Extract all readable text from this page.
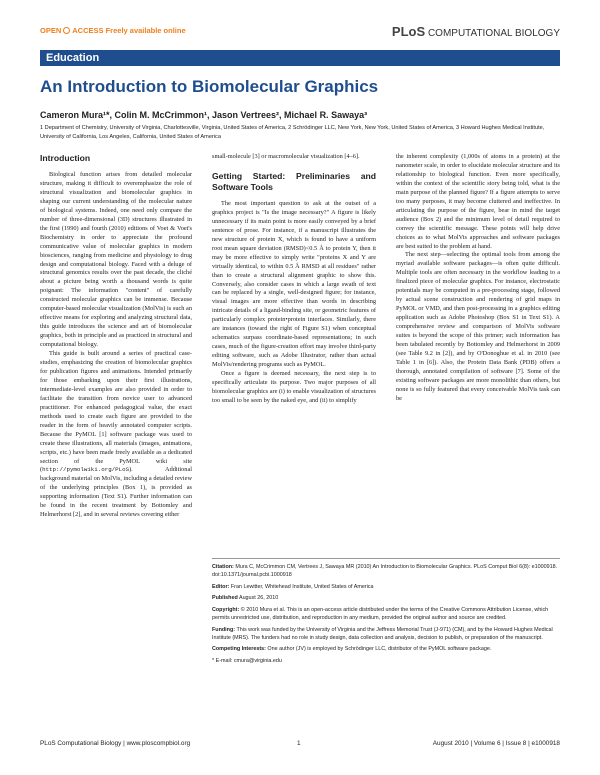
OPEN ACCESS Freely available online	PLoS COMPUTATIONAL BIOLOGY
Education
An Introduction to Biomolecular Graphics
Cameron Mura¹*, Colin M. McCrimmon¹, Jason Vertrees², Michael R. Sawaya³
1 Department of Chemistry, University of Virginia, Charlottesville, Virginia, United States of America, 2 Schrödinger LLC, New York, New York, United States of America, 3 Howard Hughes Medical Institute, University of California, Los Angeles, California, United States of America
Introduction

Biological function arises from detailed molecular structure, making it difficult to overemphasize the role of structural visualization and biomolecular graphics in shaping our current understanding of the molecular nature of biological systems. Indeed, one need only compare the number of three-dimensional (3D) structures illustrated in the first (1990) and fourth (2010) editions of Voet & Voet's Biochemistry in order to appreciate the profound communicative value of molecular graphics in modern biosciences, ranging from medicine and physiology to drug design and computational biology. Faced with a deluge of structural genomics results over the past decade, the cliché about a picture being worth a thousand words is quite poignant: The information "content" of carefully constructed molecular graphics can be immense. Because computer-based molecular visualization (MolVis) is such an effective means for exploring and analyzing structural data, this guide introduces the science and art of biomolecular graphics, both in principle and as practiced in structural and computational biology.

This guide is built around a series of practical case-studies, emphasizing the creation of biomolecular graphics for publication figures and animations. Intended primarily for those embarking upon their first illustrations, intermediate-level examples are also provided in order to facilitate the transition from novice user to advanced practitioner. For enhanced pedagogical value, the exact methods used to create each figure are provided to the reader in the form of heavily annotated computer scripts. Because the PyMOL [1] software package was used to create these illustrations, all materials (images, animations, scripts, etc.) have been made freely available as a dedicated section of the PyMOL wiki site (http://pymolwiki.org/PLoS). Additional background material on MolVis, including a detailed review of the underlying principles (Box 1), is provided as supporting information (Text S1). Further information can be found in the recent treatment by Bottomley and Helmerhorst [2], and in several reviews covering either

small-molecule [3] or macromolecular visualization [4–6].

Getting Started: Preliminaries and Software Tools

The most important question to ask at the outset of a graphics project is "Is the image necessary?" A figure is likely unnecessary if its main point is more easily conveyed by a brief sentence of prose. For instance, if a manuscript illustrates the new structure of protein X, which is found to have a uniform root mean square deviation (RMSD)<0.5 Å to protein Y, then it may be more effective to simply write "proteins X and Y are virtually identical, to within 0.5 Å RMSD at all residues" rather than to create a structural alignment graphic to show this. Conversely, also consider cases in which a large swath of text can be replaced by a single, well-designed figure; for instance, visual images are more effective than words in describing intricate details of a ligand-binding site, or geometric features of particularly complex protein•protein interfaces. Similarly, there are instances (toward the right of Figure S1) when conceptual schematics surpass coordinate-based representations; in such cases, much of the figure-creation effort may involve third-party editing software, such as Adobe Illustrator, rather than actual MolVis/rendering programs such as PyMOL.

Once a figure is deemed necessary, the next step is to specifically articulate its purpose. Two major purposes of all biomolecular graphics are (i) to enable visualization of structures too small to be seen by the naked eye, and (ii) to simplify

the inherent complexity (1,000s of atoms in a protein) at the nanometer scale, in order to elucidate molecular structure and its relationship to biological function. Even more specifically, within the context of the scientific story being told, what is the main purpose of the planned figure? If a figure attempts to serve too many purposes, it may become cluttered and ineffective. In articulating the purpose of the figure, bear in mind the target audience (Box 2) and the minimum level of detail required to convey the scientific message. These points will help drive choices as to what MolVis approaches and software packages are best suited to the problem at hand.

The next step—selecting the optimal tools from among the myriad available software packages—is often quite difficult. Multiple tools are often necessary in the workflow leading to a finalized piece of molecular graphics. For instance, electrostatic potentials may be computed in a pre-processing stage, followed by actual scene construction and rendering of grid maps in PyMOL or VMD, and then post-processing in a graphics editing application such as Adobe Photoshop (Box S1 in Text S1). A comprehensive review and comparison of MolVis software suites is beyond the scope of this primer; such information has been tabulated recently by Bottomley and Helmerhorst in 2009 (see Table 9.2 in [2]), and by O'Donoghue et al. in 2010 (see Table 1 in [6]). Also, the Protein Data Bank (PDB) offers a thorough, annotated compilation of software [7]. Some of the existing software packages are more monolithic than others, but none is so fully featured that every conceivable MolVis task can be

Citation: Mura C, McCrimmon CM, Vertrees J, Sawaya MR (2010) An Introduction to Biomolecular Graphics. PLoS Comput Biol 6(8): e1000918. doi:10.1371/journal.pcbi.1000918

Editor: Fran Lewitter, Whitehead Institute, United States of America

Published August 26, 2010

Copyright: © 2010 Mura et al. This is an open-access article distributed under the terms of the Creative Commons Attribution License, which permits unrestricted use, distribution, and reproduction in any medium, provided the original author and source are credited.

Funding: This work was funded by the University of Virginia and the Jeffress Memorial Trust (J-971) (CM), and by the Howard Hughes Medical Institute (MRS). The funders had no role in study design, data collection and analysis, decision to publish, or preparation of the manuscript.

Competing Interests: One author (JV) is employed by Schrödinger LLC, distributor of the PyMOL software package.

* E-mail: cmura@virginia.edu

PLoS Computational Biology | www.ploscompbiol.org	1	August 2010 | Volume 6 | Issue 8 | e1000918
